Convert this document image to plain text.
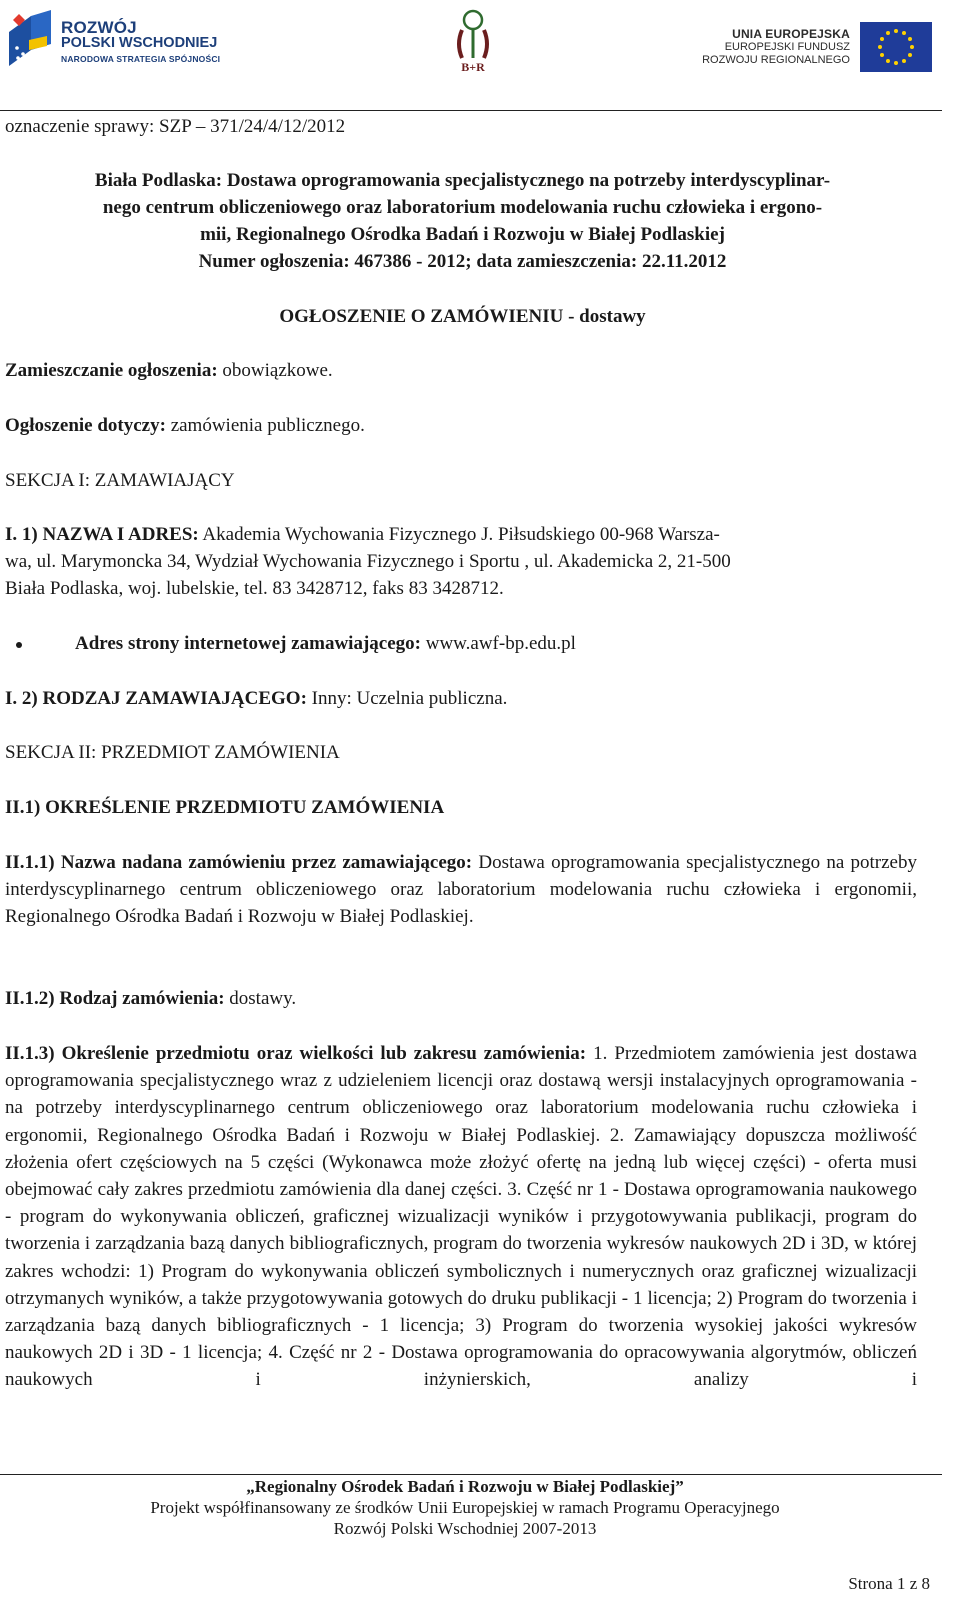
ROZWÓJ
POLSKI WSCHODNIEJ
NARODOWA STRATEGIA SPÓJNOŚCI
B+R
UNIA EUROPEJSKA
EUROPEJSKI FUNDUSZ
ROZWOJU REGIONALNEGO
oznaczenie sprawy: SZP – 371/24/4/12/2012
Biała Podlaska: Dostawa oprogramowania specjalistycznego na potrzeby interdyscyplinar-
nego centrum obliczeniowego oraz laboratorium modelowania ruchu człowieka i ergono-
mii, Regionalnego Ośrodka Badań i Rozwoju w Białej Podlaskiej
Numer ogłoszenia: 467386 - 2012; data zamieszczenia: 22.11.2012
OGŁOSZENIE O ZAMÓWIENIU - dostawy
Zamieszczanie ogłoszenia: obowiązkowe.
Ogłoszenie dotyczy: zamówienia publicznego.
SEKCJA I: ZAMAWIAJĄCY
I. 1) NAZWA I ADRES: Akademia Wychowania Fizycznego J. Piłsudskiego 00-968 Warsza-
wa, ul. Marymoncka 34, Wydział Wychowania Fizycznego i Sportu , ul. Akademicka 2, 21-500
Biała Podlaska, woj. lubelskie, tel. 83 3428712, faks 83 3428712.
Adres strony internetowej zamawiającego: www.awf-bp.edu.pl
I. 2) RODZAJ ZAMAWIAJĄCEGO: Inny: Uczelnia publiczna.
SEKCJA II: PRZEDMIOT ZAMÓWIENIA
II.1) OKREŚLENIE PRZEDMIOTU ZAMÓWIENIA
II.1.1) Nazwa nadana zamówieniu przez zamawiającego: Dostawa oprogramowania specjalistycznego na potrzeby interdyscyplinarnego centrum obliczeniowego oraz laboratorium modelowania ruchu człowieka i ergonomii, Regionalnego Ośrodka Badań i Rozwoju w Białej Podlaskiej.
II.1.2) Rodzaj zamówienia: dostawy.
II.1.3) Określenie przedmiotu oraz wielkości lub zakresu zamówienia: 1. Przedmiotem zamówienia jest dostawa oprogramowania specjalistycznego wraz z udzieleniem licencji oraz dostawą wersji instalacyjnych oprogramowania - na potrzeby interdyscyplinarnego centrum obliczeniowego oraz laboratorium modelowania ruchu człowieka i ergonomii, Regionalnego Ośrodka Badań i Rozwoju w Białej Podlaskiej. 2. Zamawiający dopuszcza możliwość złożenia ofert częściowych na 5 części (Wykonawca może złożyć ofertę na jedną lub więcej części) - oferta musi obejmować cały zakres przedmiotu zamówienia dla danej części. 3. Część nr 1 - Dostawa oprogramowania naukowego - program do wykonywania obliczeń, graficznej wizualizacji wyników i przygotowywania publikacji, program do tworzenia i zarządzania bazą danych bibliograficznych, program do tworzenia wykresów naukowych 2D i 3D, w której zakres wchodzi: 1) Program do wykonywania obliczeń symbolicznych i numerycznych oraz graficznej wizualizacji otrzymanych wyników, a także przygotowywania gotowych do druku publikacji - 1 licencja; 2) Program do tworzenia i zarządzania bazą danych bibliograficznych - 1 licencja; 3) Program do tworzenia wysokiej jakości wykresów naukowych 2D i 3D - 1 licencja; 4. Część nr 2 - Dostawa oprogramowania do opracowywania algorytmów, obliczeń naukowych i inżynierskich, analizy i
„Regionalny Ośrodek Badań i Rozwoju w Białej Podlaskiej”
Projekt współfinansowany ze środków Unii Europejskiej w ramach Programu Operacyjnego
Rozwój Polski Wschodniej 2007-2013
Strona 1 z 8
